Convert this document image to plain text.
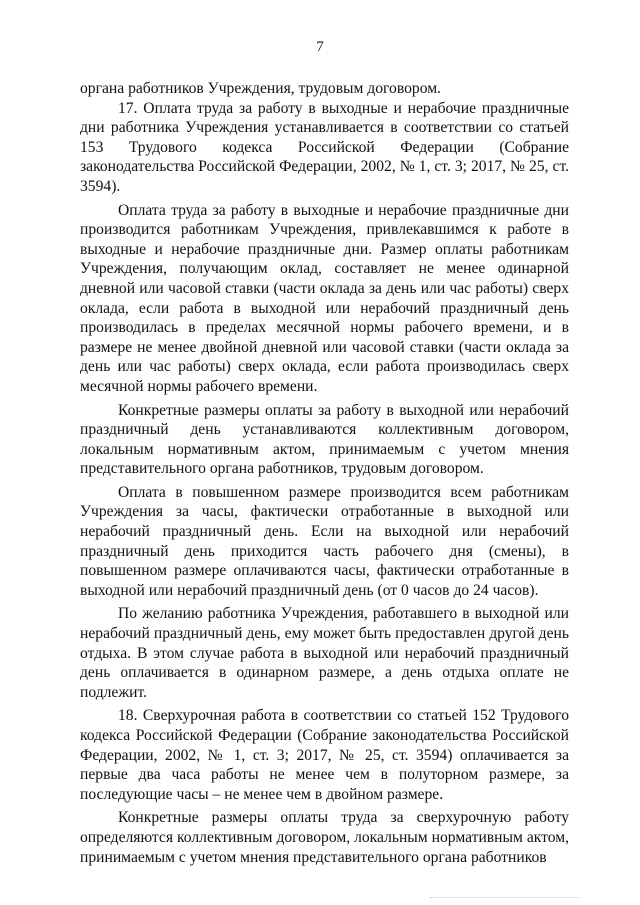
7

органа работников Учреждения, трудовым договором.

17. Оплата труда за работу в выходные и нерабочие праздничные дни работника Учреждения устанавливается в соответствии со статьей 153 Трудового кодекса Российской Федерации (Собрание законодательства Российской Федерации, 2002, № 1, ст. 3; 2017, № 25, ст. 3594).

Оплата труда за работу в выходные и нерабочие праздничные дни производится работникам Учреждения, привлекавшимся к работе в выходные и нерабочие праздничные дни. Размер оплаты работникам Учреждения, получающим оклад, составляет не менее одинарной дневной или часовой ставки (части оклада за день или час работы) сверх оклада, если работа в выходной или нерабочий праздничный день производилась в пределах месячной нормы рабочего времени, и в размере не менее двойной дневной или часовой ставки (части оклада за день или час работы) сверх оклада, если работа производилась сверх месячной нормы рабочего времени.

Конкретные размеры оплаты за работу в выходной или нерабочий праздничный день устанавливаются коллективным договором, локальным нормативным актом, принимаемым с учетом мнения представительного органа работников, трудовым договором.

Оплата в повышенном размере производится всем работникам Учреждения за часы, фактически отработанные в выходной или нерабочий праздничный день. Если на выходной или нерабочий праздничный день приходится часть рабочего дня (смены), в повышенном размере оплачиваются часы, фактически отработанные в выходной или нерабочий праздничный день (от 0 часов до 24 часов).

По желанию работника Учреждения, работавшего в выходной или нерабочий праздничный день, ему может быть предоставлен другой день отдыха. В этом случае работа в выходной или нерабочий праздничный день оплачивается в одинарном размере, а день отдыха оплате не подлежит.

18. Сверхурочная работа в соответствии со статьей 152 Трудового кодекса Российской Федерации (Собрание законодательства Российской Федерации, 2002, № 1, ст. 3; 2017, № 25, ст. 3594) оплачивается за первые два часа работы не менее чем в полуторном размере, за последующие часы – не менее чем в двойном размере.

Конкретные размеры оплаты труда за сверхурочную работу определяются коллективным договором, локальным нормативным актом, принимаемым с учетом мнения представительного органа работников
